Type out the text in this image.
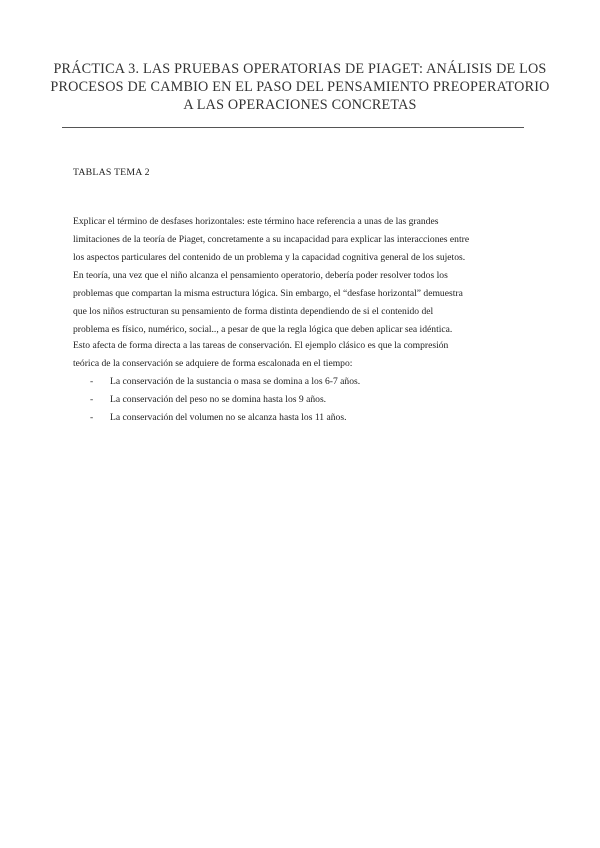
PRÁCTICA 3. LAS PRUEBAS OPERATORIAS DE PIAGET: ANÁLISIS DE LOS
PROCESOS DE CAMBIO EN EL PASO DEL PENSAMIENTO PREOPERATORIO
A LAS OPERACIONES CONCRETAS
TABLAS TEMA 2

Explicar el término de desfases horizontales: este término hace referencia a unas de las grandes
limitaciones de la teoría de Piaget, concretamente a su incapacidad para explicar las interacciones entre
los aspectos particulares del contenido de un problema y la capacidad cognitiva general de los sujetos.
En teoría, una vez que el niño alcanza el pensamiento operatorio, debería poder resolver todos los
problemas que compartan la misma estructura lógica. Sin embargo, el “desfase horizontal” demuestra
que los niños estructuran su pensamiento de forma distinta dependiendo de si el contenido del
problema es físico, numérico, social.., a pesar de que la regla lógica que deben aplicar sea idéntica.

Esto afecta de forma directa a las tareas de conservación. El ejemplo clásico es que la compresión
teórica de la conservación se adquiere de forma escalonada en el tiempo:

- La conservación de la sustancia o masa se domina a los 6-7 años.
- La conservación del peso no se domina hasta los 9 años.
- La conservación del volumen no se alcanza hasta los 11 años.
